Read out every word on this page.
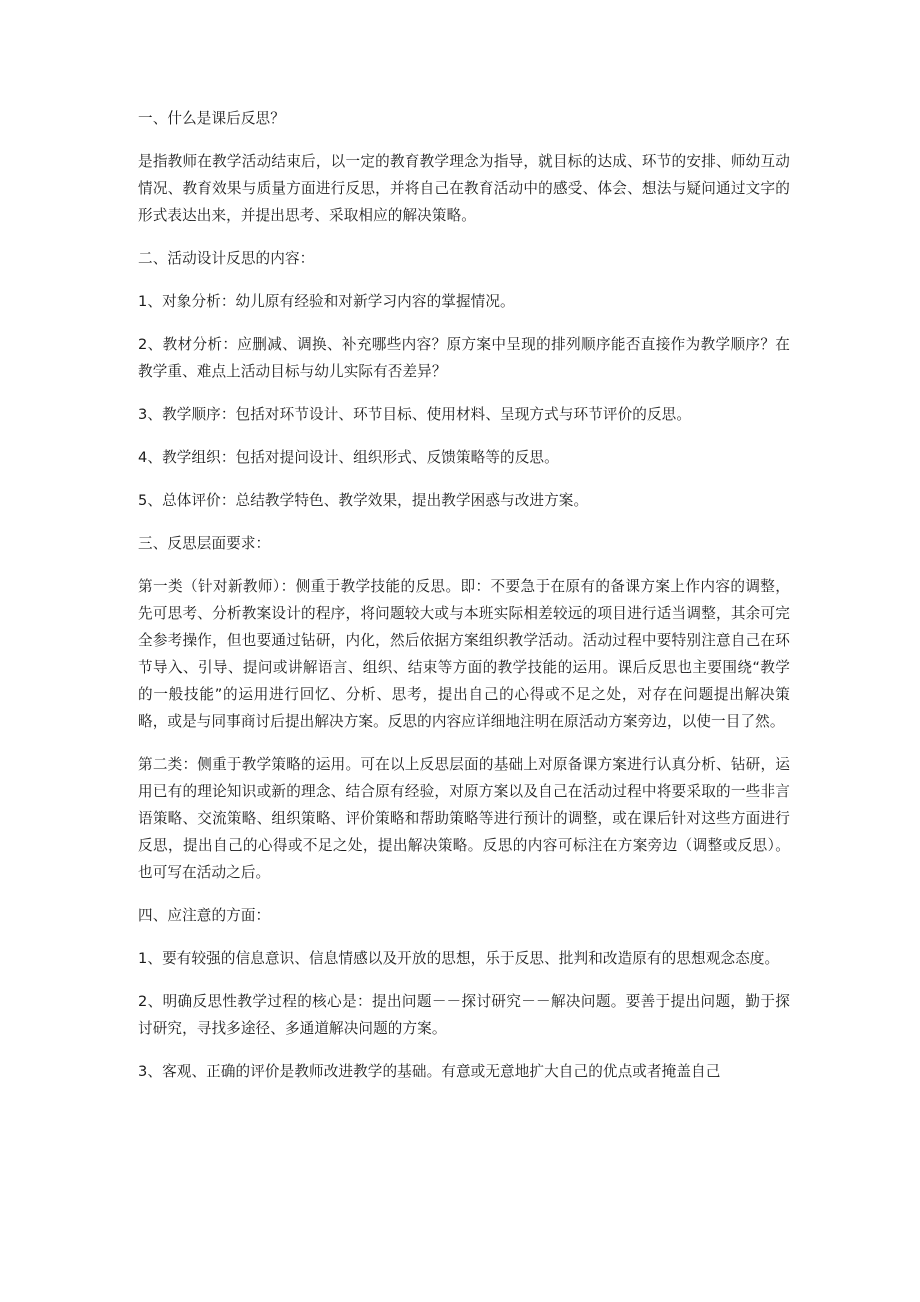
一、什么是课后反思？

是指教师在教学活动结束后，以一定的教育教学理念为指导，就目标的达成、环节的安排、师幼互动情况、教育效果与质量方面进行反思，并将自己在教育活动中的感受、体会、想法与疑问通过文字的形式表达出来，并提出思考、采取相应的解决策略。

二、活动设计反思的内容：

1、对象分析：幼儿原有经验和对新学习内容的掌握情况。

2、教材分析：应删减、调换、补充哪些内容？原方案中呈现的排列顺序能否直接作为教学顺序？在教学重、难点上活动目标与幼儿实际有否差异？

3、教学顺序：包括对环节设计、环节目标、使用材料、呈现方式与环节评价的反思。

4、教学组织：包括对提问设计、组织形式、反馈策略等的反思。

5、总体评价：总结教学特色、教学效果，提出教学困惑与改进方案。

三、反思层面要求：

第一类（针对新教师）：侧重于教学技能的反思。即：不要急于在原有的备课方案上作内容的调整，先可思考、分析教案设计的程序，将问题较大或与本班实际相差较远的项目进行适当调整，其余可完全参考操作，但也要通过钻研，内化，然后依据方案组织教学活动。活动过程中要特别注意自己在环节导入、引导、提问或讲解语言、组织、结束等方面的教学技能的运用。课后反思也主要围绕“教学的一般技能”的运用进行回忆、分析、思考，提出自己的心得或不足之处，对存在问题提出解决策略，或是与同事商讨后提出解决方案。反思的内容应详细地注明在原活动方案旁边，以使一目了然。

第二类：侧重于教学策略的运用。可在以上反思层面的基础上对原备课方案进行认真分析、钻研，运用已有的理论知识或新的理念、结合原有经验，对原方案以及自己在活动过程中将要采取的一些非言语策略、交流策略、组织策略、评价策略和帮助策略等进行预计的调整，或在课后针对这些方面进行反思，提出自己的心得或不足之处，提出解决策略。反思的内容可标注在方案旁边（调整或反思）。也可写在活动之后。

四、应注意的方面：

1、要有较强的信息意识、信息情感以及开放的思想，乐于反思、批判和改造原有的思想观念态度。

2、明确反思性教学过程的核心是：提出问题－－探讨研究－－解决问题。要善于提出问题，勤于探讨研究，寻找多途径、多通道解决问题的方案。

3、客观、正确的评价是教师改进教学的基础。有意或无意地扩大自己的优点或者掩盖自己
